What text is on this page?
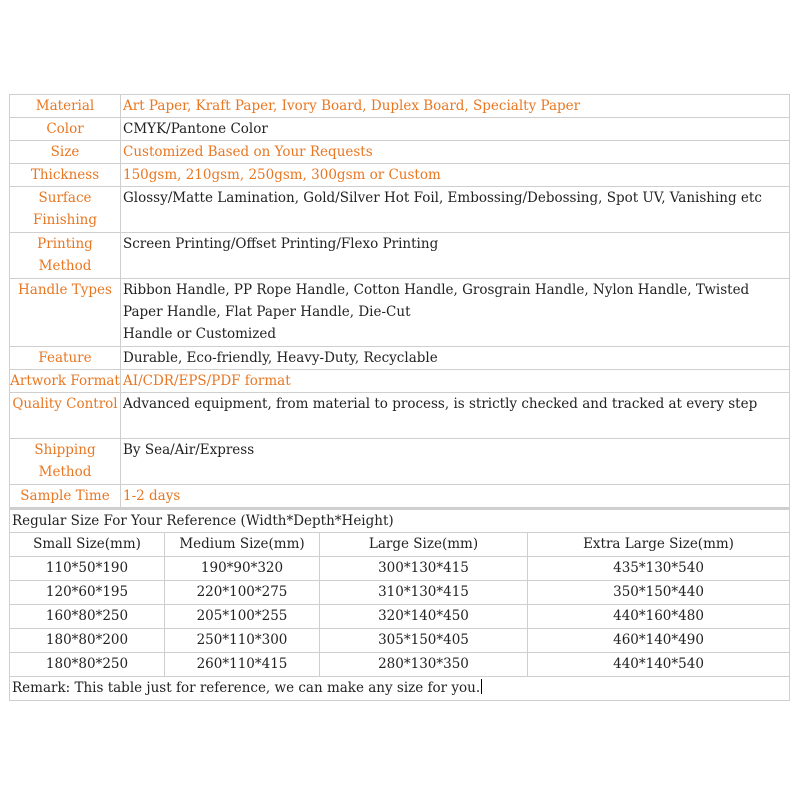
Material	Art Paper, Kraft Paper, Ivory Board, Duplex Board, Specialty Paper
Color	CMYK/Pantone Color
Size	Customized Based on Your Requests
Thickness	150gsm, 210gsm, 250gsm, 300gsm or Custom
Surface Finishing	Glossy/Matte Lamination, Gold/Silver Hot Foil, Embossing/Debossing, Spot UV, Vanishing etc
Printing Method	Screen Printing/Offset Printing/Flexo Printing
Handle Types	Ribbon Handle, PP Rope Handle, Cotton Handle, Grosgrain Handle, Nylon Handle, Twisted Paper Handle, Flat Paper Handle, Die-Cut
Handle or Customized

Feature	Durable, Eco-friendly, Heavy-Duty, Recyclable
Artwork Format	AI/CDR/EPS/PDF format
Quality Control	Advanced equipment, from material to process, is strictly checked and tracked at every step
Shipping Method	By Sea/Air/Express
Sample Time	1-2 days
Regular Size For Your Reference (Width*Depth*Height)			
Small Size(mm)	Medium Size(mm)	Large Size(mm)	Extra Large Size(mm)
110*50*190	190*90*320	300*130*415	435*130*540
120*60*195	220*100*275	310*130*415	350*150*440
160*80*250	205*100*255	320*140*450	440*160*480
180*80*200	250*110*300	305*150*405	460*140*490
180*80*250	260*110*415	280*130*350	440*140*540
Remark: This table just for reference, we can make any size for you.			
